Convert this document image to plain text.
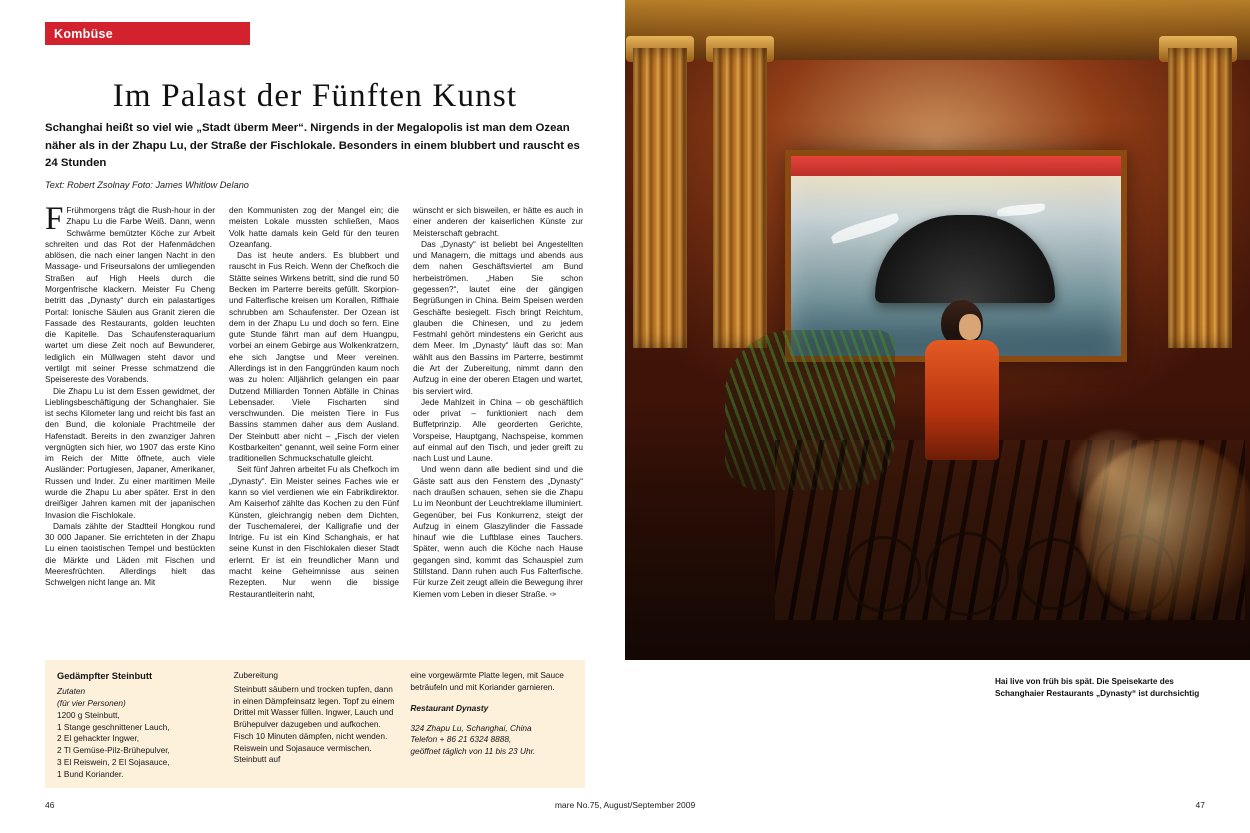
Kombüse
Im Palast der Fünften Kunst
Schanghai heißt so viel wie „Stadt überm Meer“. Nirgends in der Megalopolis ist man dem Ozean näher als in der Zhapu Lu, der Straße der Fischlokale. Besonders in einem blubbert und rauscht es 24 Stunden
Text: Robert Zsolnay Foto: James Whitlow Delano

F Frühmorgens trägt die Rush-hour in der Zhapu Lu die Farbe Weiß. Dann, wenn Schwärme bemützter Köche zur Arbeit schreiten und das Rot der Hafenmädchen ablösen, die nach einer langen Nacht in den Massage- und Friseursalons der umliegenden Straßen auf High Heels durch die Morgenfrische klackern. Meister Fu Cheng betritt das „Dynasty“ durch ein palastartiges Portal: Ionische Säulen aus Granit zieren die Fassade des Restaurants, golden leuchten die Kapitelle. Das Schaufensteraquarium wartet um diese Zeit noch auf Bewunderer, lediglich ein Müllwagen steht davor und vertilgt mit seiner Presse schmatzend die Speisereste des Vorabends.

Die Zhapu Lu ist dem Essen gewidmet, der Lieblingsbeschäftigung der Schanghaier. Sie ist sechs Kilometer lang und reicht bis fast an den Bund, die koloniale Prachtmeile der Hafenstadt. Bereits in den zwanziger Jahren vergnügten sich hier, wo 1907 das erste Kino im Reich der Mitte öffnete, auch viele Ausländer: Portugiesen, Japaner, Amerikaner, Russen und Inder. Zu einer maritimen Meile wurde die Zhapu Lu aber später. Erst in den dreißiger Jahren kamen mit der japanischen Invasion die Fischlokale.

Damals zählte der Stadtteil Hongkou rund 30 000 Japaner. Sie errichteten in der Zhapu Lu einen taoistischen Tempel und bestückten die Märkte und Läden mit Fischen und Meeresfrüchten. Allerdings hielt das Schwelgen nicht lange an. Mit

den Kommunisten zog der Mangel ein; die meisten Lokale mussten schließen, Maos Volk hatte damals kein Geld für den teuren Ozeanfang.

Das ist heute anders. Es blubbert und rauscht in Fus Reich. Wenn der Chefkoch die Stätte seines Wirkens betritt, sind die rund 50 Becken im Parterre bereits gefüllt. Skorpion- und Falterfische kreisen um Korallen, Riffhaie schrubben am Schaufenster. Der Ozean ist dem in der Zhapu Lu und doch so fern. Eine gute Stunde fährt man auf dem Huangpu, vorbei an einem Gebirge aus Wolkenkratzern, ehe sich Jangtse und Meer vereinen. Allerdings ist in den Fanggründen kaum noch was zu holen: Alljährlich gelangen ein paar Dutzend Milliarden Tonnen Abfälle in Chinas Lebensader. Viele Fischarten sind verschwunden. Die meisten Tiere in Fus Bassins stammen daher aus dem Ausland. Der Steinbutt aber nicht – „Fisch der vielen Kostbarkeiten“ genannt, weil seine Form einer traditionellen Schmuckschatulle gleicht.

Seit fünf Jahren arbeitet Fu als Chefkoch im „Dynasty“. Ein Meister seines Faches wie er kann so viel verdienen wie ein Fabrikdirektor. Am Kaiserhof zählte das Kochen zu den Fünf Künsten, gleichrangig neben dem Dichten, der Tuschemalerei, der Kalligrafie und der Intrige. Fu ist ein Kind Schanghais, er hat seine Kunst in den Fischlokalen dieser Stadt erlernt. Er ist ein freundlicher Mann und macht keine Geheimnisse aus seinen Rezepten. Nur wenn die bissige Restaurantleiterin naht,

wünscht er sich bisweilen, er hätte es auch in einer anderen der kaiserlichen Künste zur Meisterschaft gebracht.

Das „Dynasty“ ist beliebt bei Angestellten und Managern, die mittags und abends aus dem nahen Geschäftsviertel am Bund herbeiströmen. „Haben Sie schon gegessen?“, lautet eine der gängigen Begrüßungen in China. Beim Speisen werden Geschäfte besiegelt. Fisch bringt Reichtum, glauben die Chinesen, und zu jedem Festmahl gehört mindestens ein Gericht aus dem Meer. Im „Dynasty“ läuft das so: Man wählt aus den Bassins im Parterre, bestimmt die Art der Zubereitung, nimmt dann den Aufzug in eine der oberen Etagen und wartet, bis serviert wird.

Jede Mahlzeit in China – ob geschäftlich oder privat – funktioniert nach dem Buffetprinzip. Alle georderten Gerichte, Vorspeise, Hauptgang, Nachspeise, kommen auf einmal auf den Tisch, und jeder greift zu nach Lust und Laune.

Und wenn dann alle bedient sind und die Gäste satt aus den Fenstern des „Dynasty“ nach draußen schauen, sehen sie die Zhapu Lu im Neonbunt der Leuchtreklame illuminiert. Gegenüber, bei Fus Konkurrenz, steigt der Aufzug in einem Glaszylinder die Fassade hinauf wie die Luftblase eines Tauchers. Später, wenn auch die Köche nach Hause gegangen sind, kommt das Schauspiel zum Stillstand. Dann ruhen auch Fus Falterfische. Für kurze Zeit zeugt allein die Bewegung ihrer Kiemen vom Leben in dieser Straße. ✑

Gedämpfter Steinbutt

Zutaten

(für vier Personen)

1200 g Steinbutt,

1 Stange geschnittener Lauch,

2 El gehackter Ingwer,

2 Tl Gemüse-Pilz-Brühepulver,

3 El Reiswein, 2 El Sojasauce,

1 Bund Koriander.

Zubereitung

Steinbutt säubern und trocken tupfen, dann in einen Dämpfeinsatz legen. Topf zu einem Drittel mit Wasser füllen. Ingwer, Lauch und Brühepulver dazugeben und aufkochen. Fisch 10 Minuten dämpfen, nicht wenden. Reiswein und Sojasauce vermischen. Steinbutt auf

eine vorgewärmte Platte legen, mit Sauce beträufeln und mit Koriander garnieren.

Restaurant Dynasty

324 Zhapu Lu, Schanghai, China

Telefon + 86 21 6324 8888,

geöffnet täglich von 11 bis 23 Uhr.

46
Hai live von früh bis spät. Die Speisekarte des Schanghaier Restaurants „Dynasty“ ist durchsichtig
47
mare No.75, August/September 2009
